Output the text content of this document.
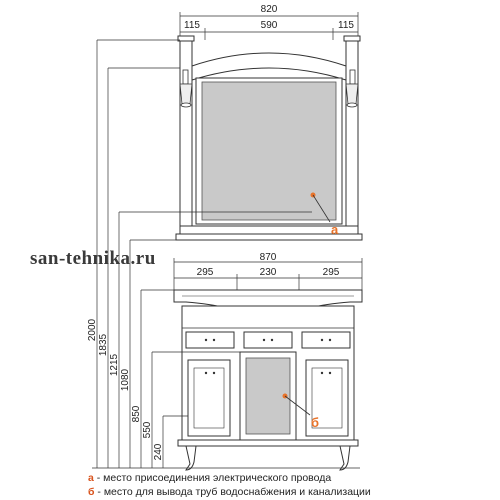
820
115	590	115
а
san-tehnika.ru	870
295	230	295
б
2000
1835
1215
1080
850
550
240
а - место присоединения электрического провода
б - место для вывода труб водоснабжения и канализации
